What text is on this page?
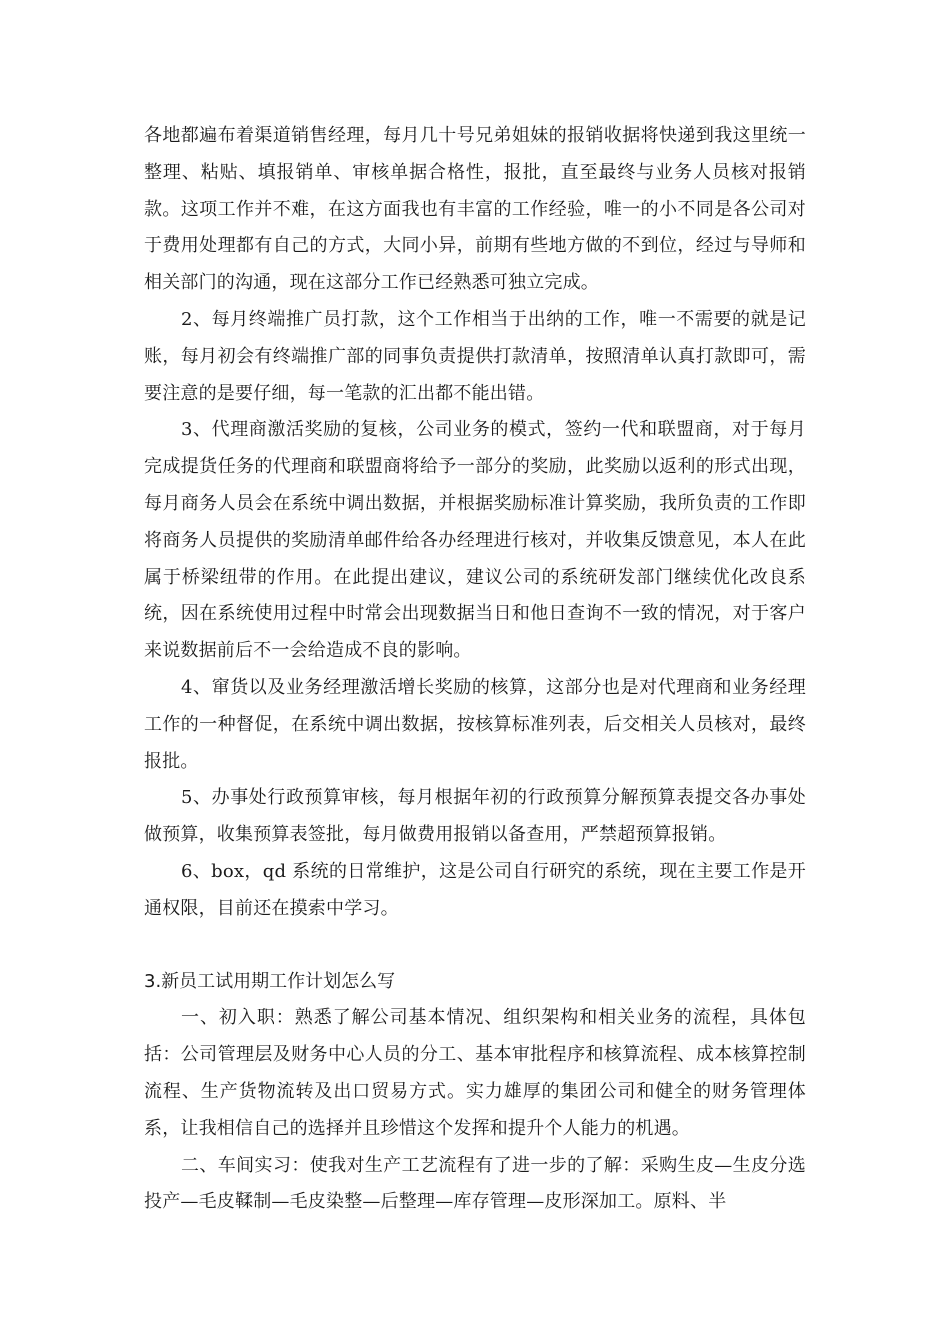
各地都遍布着渠道销售经理，每月几十号兄弟姐妹的报销收据将快递到我这里统一整理、粘贴、填报销单、审核单据合格性，报批，直至最终与业务人员核对报销款。这项工作并不难，在这方面我也有丰富的工作经验，唯一的小不同是各公司对于费用处理都有自己的方式，大同小异，前期有些地方做的不到位，经过与导师和相关部门的沟通，现在这部分工作已经熟悉可独立完成。

2、每月终端推广员打款，这个工作相当于出纳的工作，唯一不需要的就是记账，每月初会有终端推广部的同事负责提供打款清单，按照清单认真打款即可，需要注意的是要仔细，每一笔款的汇出都不能出错。

3、代理商激活奖励的复核，公司业务的模式，签约一代和联盟商，对于每月完成提货任务的代理商和联盟商将给予一部分的奖励，此奖励以返利的形式出现，每月商务人员会在系统中调出数据，并根据奖励标准计算奖励，我所负责的工作即将商务人员提供的奖励清单邮件给各办经理进行核对，并收集反馈意见，本人在此属于桥梁纽带的作用。在此提出建议，建议公司的系统研发部门继续优化改良系统，因在系统使用过程中时常会出现数据当日和他日查询不一致的情况，对于客户来说数据前后不一会给造成不良的影响。

4、窜货以及业务经理激活增长奖励的核算，这部分也是对代理商和业务经理工作的一种督促，在系统中调出数据，按核算标准列表，后交相关人员核对，最终报批。

5、办事处行政预算审核，每月根据年初的行政预算分解预算表提交各办事处做预算，收集预算表签批，每月做费用报销以备查用，严禁超预算报销。

6、box，qd 系统的日常维护，这是公司自行研究的系统，现在主要工作是开通权限，目前还在摸索中学习。

3.新员工试用期工作计划怎么写

一、初入职：熟悉了解公司基本情况、组织架构和相关业务的流程，具体包括：公司管理层及财务中心人员的分工、基本审批程序和核算流程、成本核算控制流程、生产货物流转及出口贸易方式。实力雄厚的集团公司和健全的财务管理体系，让我相信自己的选择并且珍惜这个发挥和提升个人能力的机遇。

二、车间实习：使我对生产工艺流程有了进一步的了解：采购生皮—生皮分选投产—毛皮鞣制—毛皮染整—后整理—库存管理—皮形深加工。原料、半
